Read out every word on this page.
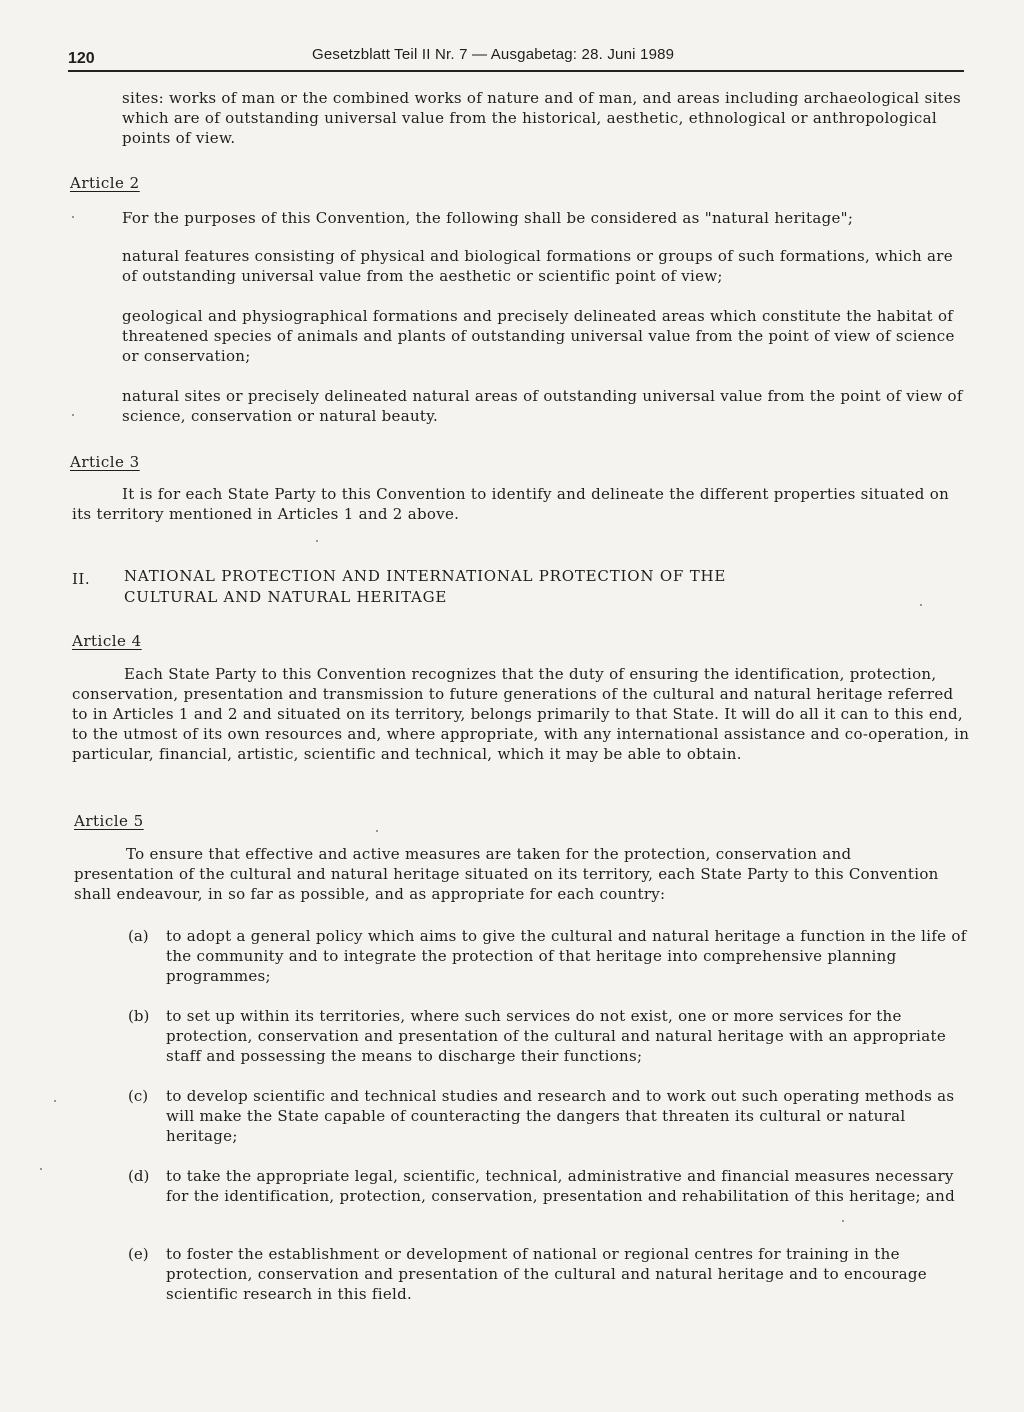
120	Gesetzblatt Teil II Nr. 7 — Ausgabetag: 28. Juni 1989

sites: works of man or the combined works of nature and of man, and areas including archaeological sites which are of outstanding universal value from the historical, aesthetic, ethnological or anthropological points of view.

Article 2

For the purposes of this Convention, the following shall be considered as "natural heritage";

natural features consisting of physical and biological formations or groups of such formations, which are of outstanding universal value from the aesthetic or scientific point of view;

geological and physiographical formations and precisely delineated areas which constitute the habitat of threatened species of animals and plants of outstanding universal value from the point of view of science or conservation;

natural sites or precisely delineated natural areas of outstanding universal value from the point of view of science, conservation or natural beauty.

Article 3

It is for each State Party to this Convention to identify and delineate the different properties situated on its territory mentioned in Articles 1 and 2 above.

II. NATIONAL PROTECTION AND INTERNATIONAL PROTECTION OF THE
CULTURAL AND NATURAL HERITAGE
Article 4

Each State Party to this Convention recognizes that the duty of ensuring the identification, protection, conservation, presentation and transmission to future generations of the cultural and natural heritage referred to in Articles 1 and 2 and situated on its territory, belongs primarily to that State. It will do all it can to this end, to the utmost of its own resources and, where appropriate, with any international assistance and co-operation, in particular, financial, artistic, scientific and technical, which it may be able to obtain.

Article 5

To ensure that effective and active measures are taken for the protection, conservation and presentation of the cultural and natural heritage situated on its territory, each State Party to this Convention shall endeavour, in so far as possible, and as appropriate for each country:

(a) to adopt a general policy which aims to give the cultural and natural heritage a function in the life of the community and to integrate the protection of that heritage into comprehensive planning programmes;

(b) to set up within its territories, where such services do not exist, one or more services for the protection, conservation and presentation of the cultural and natural heritage with an appropriate staff and possessing the means to discharge their functions;

(c) to develop scientific and technical studies and research and to work out such operating methods as will make the State capable of counteracting the dangers that threaten its cultural or natural heritage;

(d) to take the appropriate legal, scientific, technical, administrative and financial measures necessary for the identification, protection, conservation, presentation and rehabilitation of this heritage; and

(e) to foster the establishment or development of national or regional centres for training in the protection, conservation and presentation of the cultural and natural heritage and to encourage scientific research in this field.
